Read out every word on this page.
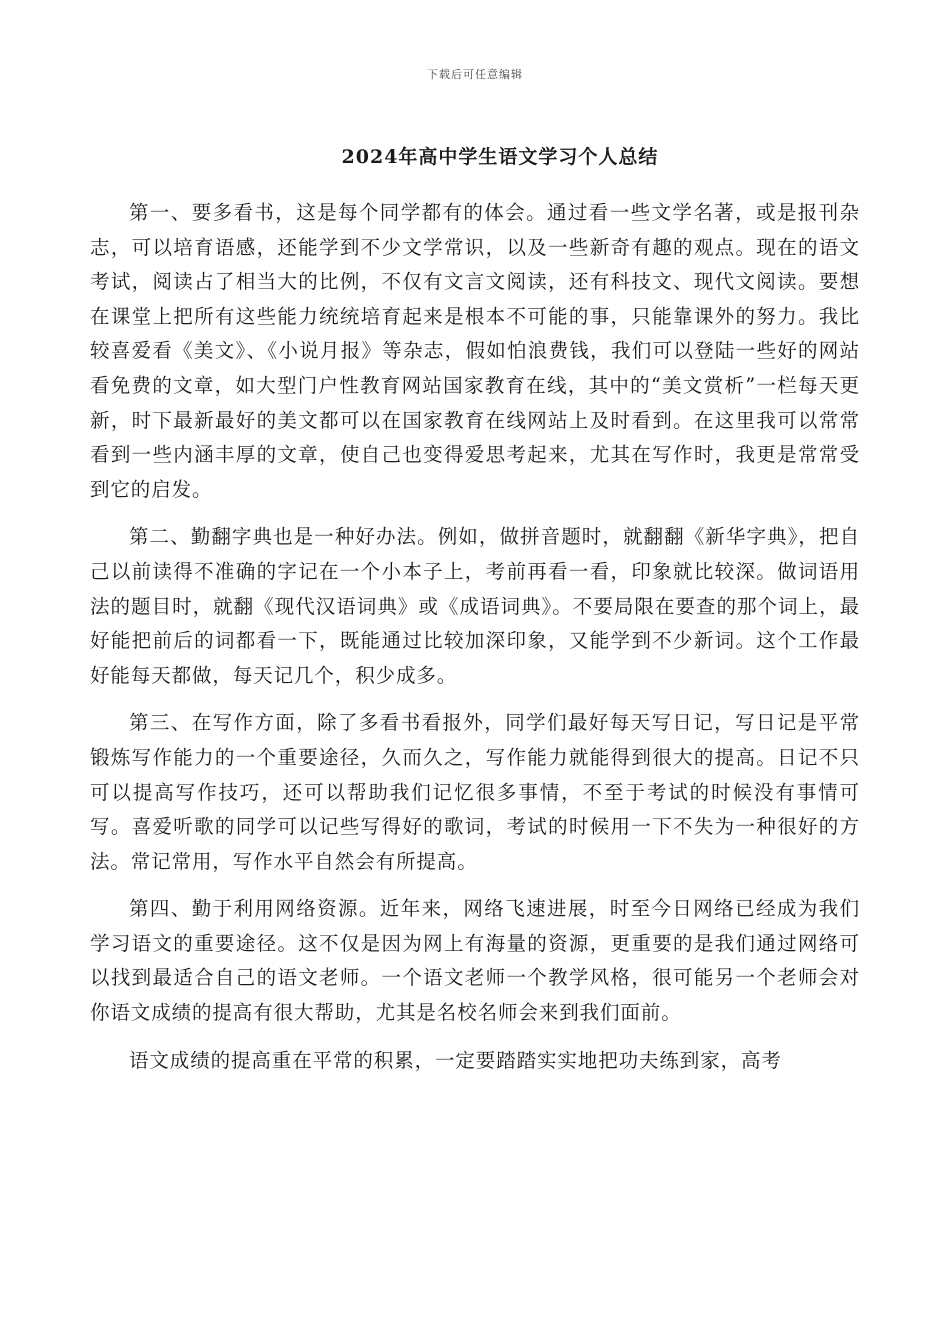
下载后可任意编辑
2024年高中学生语文学习个人总结

第一、要多看书，这是每个同学都有的体会。通过看一些文学名著，或是报刊杂志，可以培育语感，还能学到不少文学常识，以及一些新奇有趣的观点。现在的语文考试，阅读占了相当大的比例，不仅有文言文阅读，还有科技文、现代文阅读。要想在课堂上把所有这些能力统统培育起来是根本不可能的事，只能靠课外的努力。我比较喜爱看《美文》、《小说月报》等杂志，假如怕浪费钱，我们可以登陆一些好的网站看免费的文章，如大型门户性教育网站国家教育在线，其中的“美文赏析”一栏每天更新，时下最新最好的美文都可以在国家教育在线网站上及时看到。在这里我可以常常看到一些内涵丰厚的文章，使自己也变得爱思考起来，尤其在写作时，我更是常常受到它的启发。

第二、勤翻字典也是一种好办法。例如，做拼音题时，就翻翻《新华字典》，把自己以前读得不准确的字记在一个小本子上，考前再看一看，印象就比较深。做词语用法的题目时，就翻《现代汉语词典》或《成语词典》。不要局限在要查的那个词上，最好能把前后的词都看一下，既能通过比较加深印象，又能学到不少新词。这个工作最好能每天都做，每天记几个，积少成多。

第三、在写作方面，除了多看书看报外，同学们最好每天写日记，写日记是平常锻炼写作能力的一个重要途径，久而久之，写作能力就能得到很大的提高。日记不只可以提高写作技巧，还可以帮助我们记忆很多事情，不至于考试的时候没有事情可写。喜爱听歌的同学可以记些写得好的歌词，考试的时候用一下不失为一种很好的方法。常记常用，写作水平自然会有所提高。

第四、勤于利用网络资源。近年来，网络飞速进展，时至今日网络已经成为我们学习语文的重要途径。这不仅是因为网上有海量的资源，更重要的是我们通过网络可以找到最适合自己的语文老师。一个语文老师一个教学风格，很可能另一个老师会对你语文成绩的提高有很大帮助，尤其是名校名师会来到我们面前。

语文成绩的提高重在平常的积累，一定要踏踏实实地把功夫练到家，高考
